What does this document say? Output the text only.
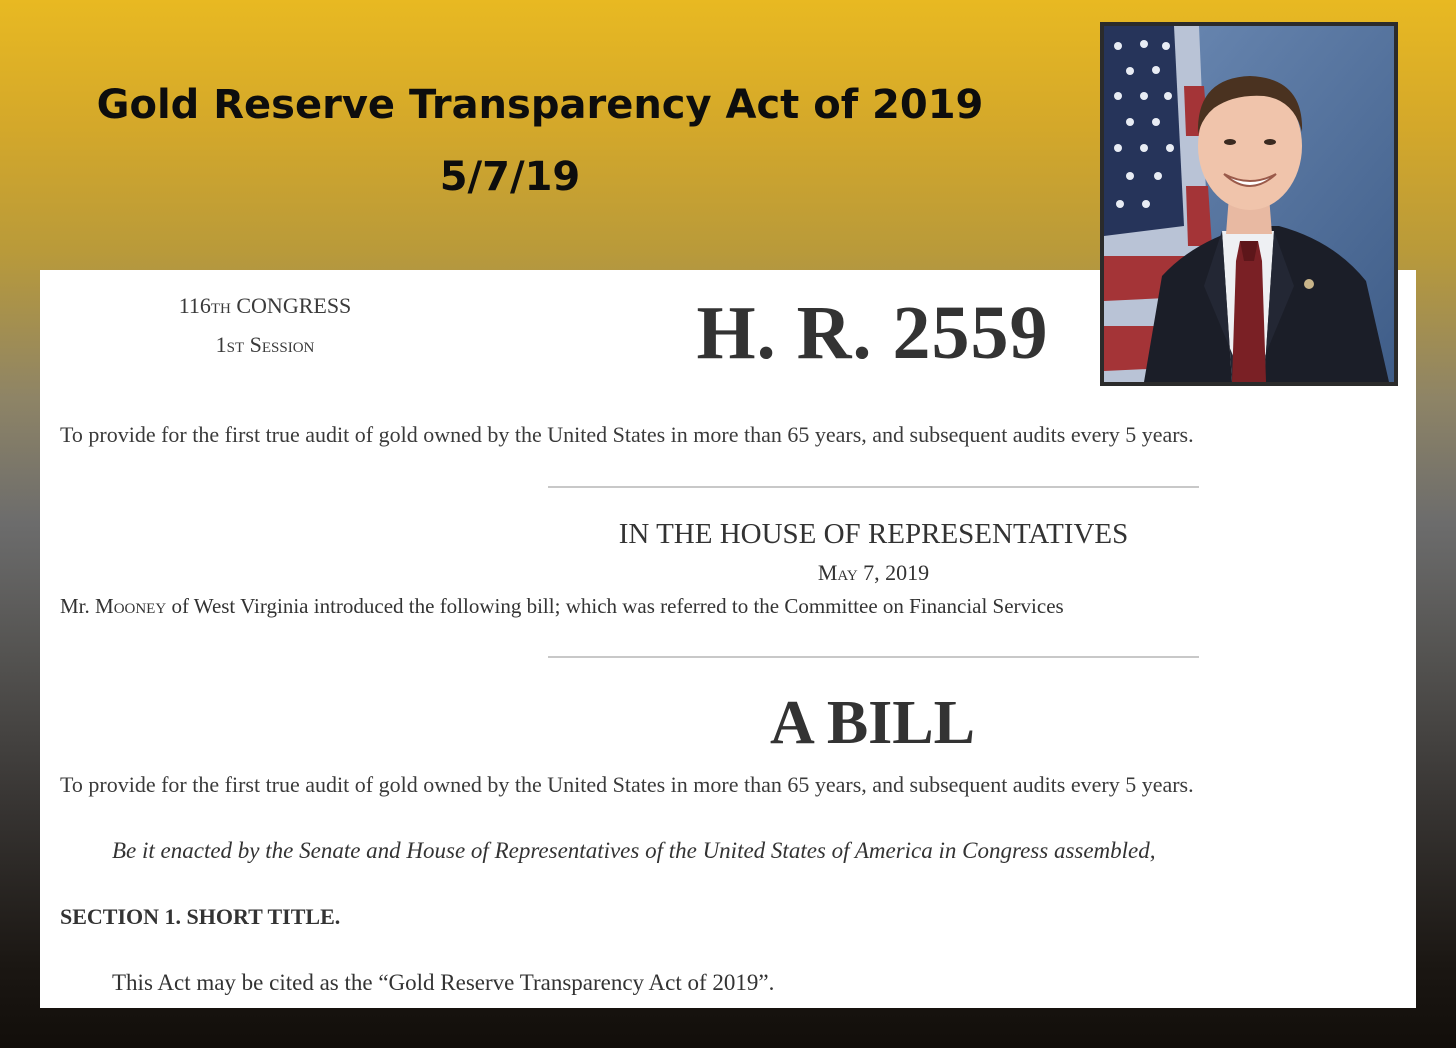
Gold Reserve Transparency Act of 2019
5/7/19
116TH CONGRESS
1ST Session	H. R. 2559
To provide for the first true audit of gold owned by the United States in more than 65 years, and subsequent audits every 5 years.
IN THE HOUSE OF REPRESENTATIVES
May 7, 2019
Mr. Mooney of West Virginia introduced the following bill; which was referred to the Committee on Financial Services
A BILL
To provide for the first true audit of gold owned by the United States in more than 65 years, and subsequent audits every 5 years.
Be it enacted by the Senate and House of Representatives of the United States of America in Congress assembled,
SECTION 1. SHORT TITLE.
This Act may be cited as the “Gold Reserve Transparency Act of 2019”.
